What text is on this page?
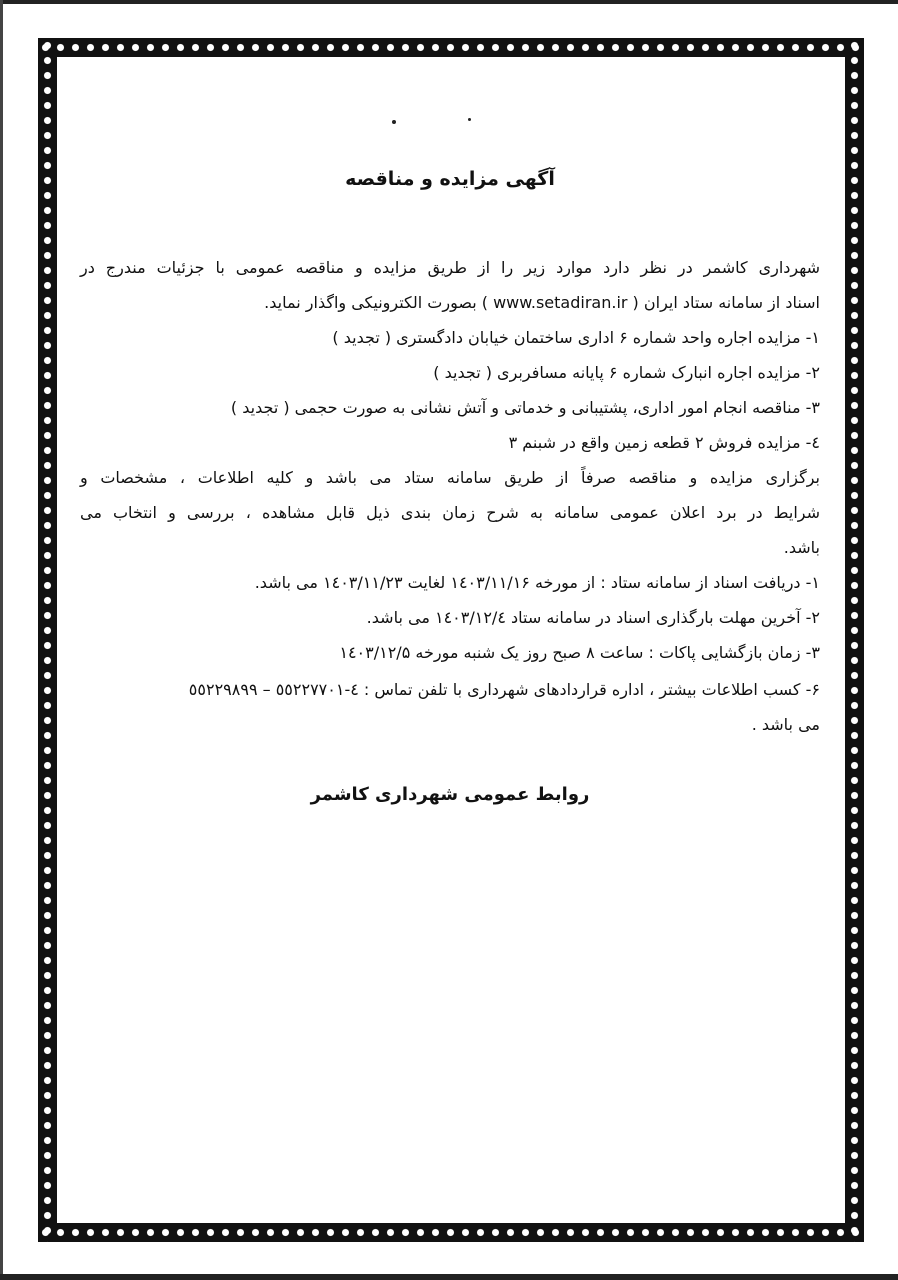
آگهی مزایده و مناقصه
شهرداری کاشمر در نظر دارد موارد زیر را از طریق مزایده و مناقصه عمومی با جزئیات مندرج در
اسناد از سامانه ستاد ایران ( www.setadiran.ir ) بصورت الکترونیکی واگذار نماید.
۱- مزایده اجاره واحد شماره ۶ اداری ساختمان خیابان دادگستری ( تجدید )
۲- مزایده اجاره انبارک شماره ۶ پایانه مسافربری ( تجدید )
۳- مناقصه انجام امور اداری، پشتیبانی و خدماتی و آتش نشانی به صورت حجمی ( تجدید )
٤- مزایده فروش ۲ قطعه زمین واقع در شبنم ۳
برگزاری مزایده و مناقصه صرفاً از طریق سامانه ستاد می باشد و کلیه اطلاعات ، مشخصات و
شرایط در برد اعلان عمومی سامانه به شرح زمان بندی ذیل قابل مشاهده ، بررسی و انتخاب می
باشد.
۱- دریافت اسناد از سامانه ستاد : از مورخه ۱٤۰۳/۱۱/۱۶ لغایت ۱٤۰۳/۱۱/۲۳ می باشد.
۲- آخرین مهلت بارگذاری اسناد در سامانه ستاد ۱٤۰۳/۱۲/٤ می باشد.
۳- زمان بازگشایی پاکات : ساعت ۸ صبح روز یک شنبه مورخه ۱٤۰۳/۱۲/۵
۶- کسب اطلاعات بیشتر ، اداره قراردادهای شهرداری با تلفن تماس : ٤-٥٥٢٢٧٧٠١ – ٥٥٢٢٩٨٩٩
می باشد .
روابط عمومی شهرداری کاشمر
